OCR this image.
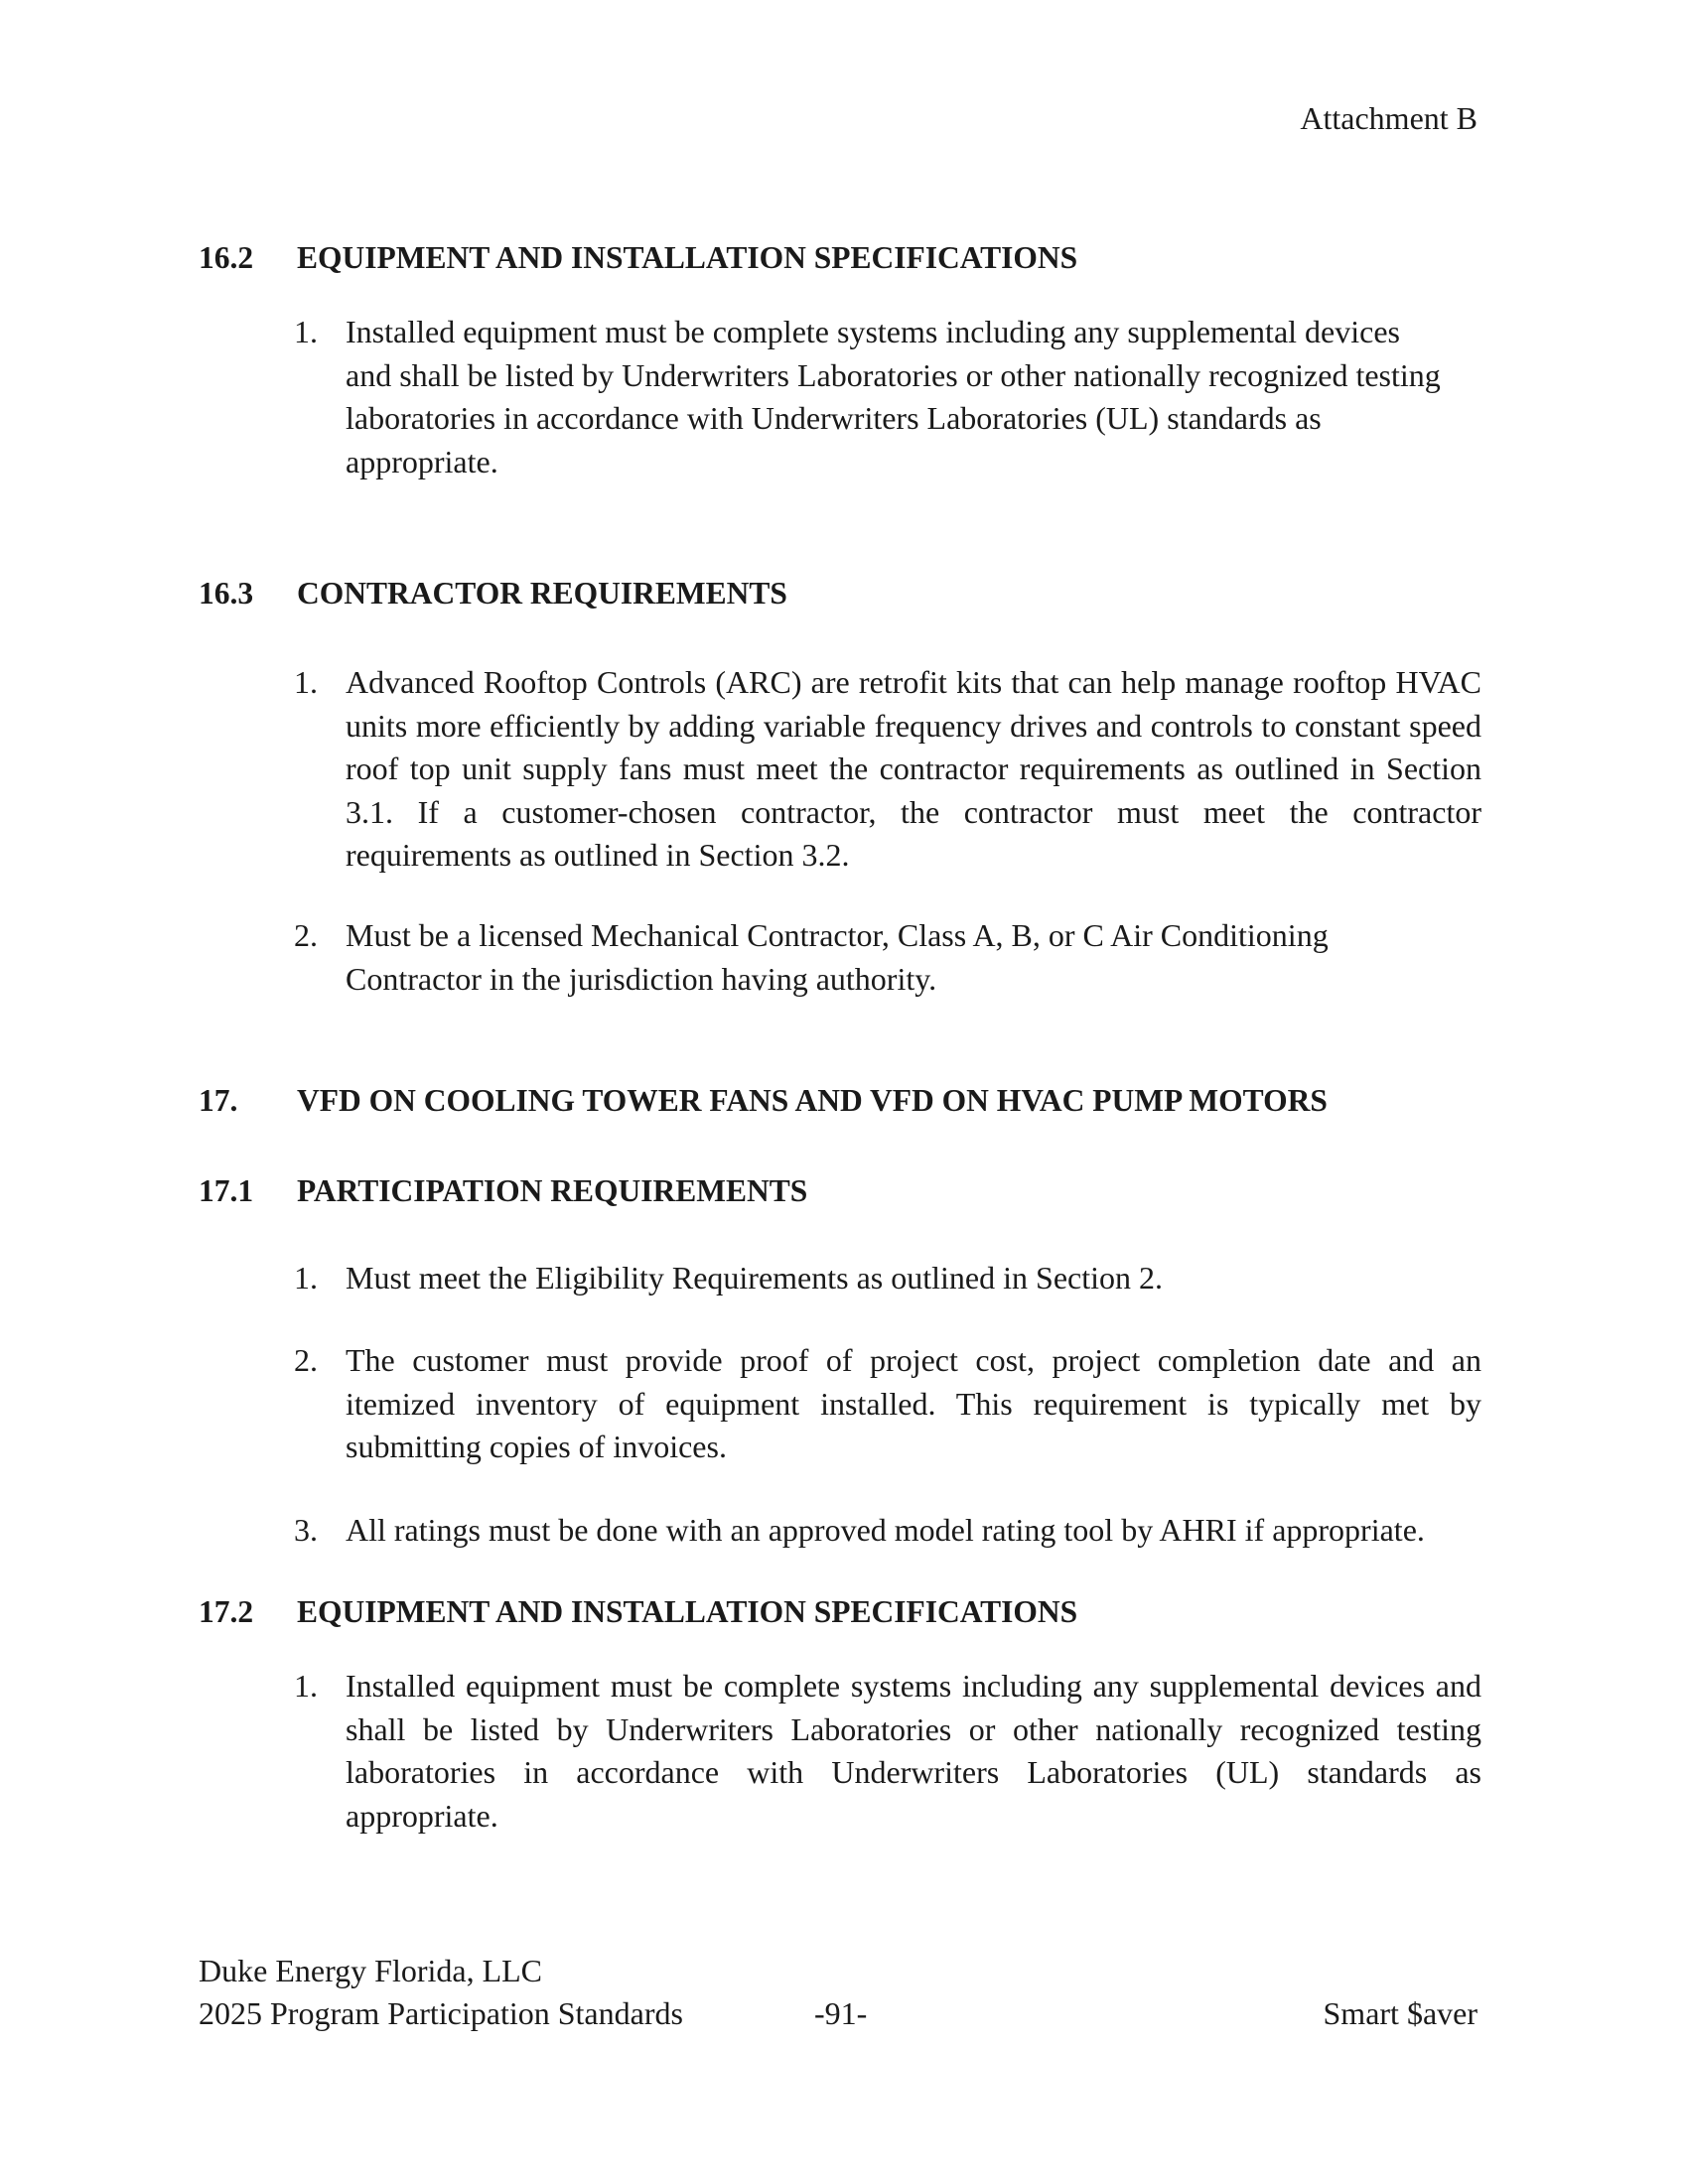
Attachment B
16.2 EQUIPMENT AND INSTALLATION SPECIFICATIONS
1. Installed equipment must be complete systems including any supplemental devices
and shall be listed by Underwriters Laboratories or other nationally recognized testing
laboratories in accordance with Underwriters Laboratories (UL) standards as
appropriate.
16.3 CONTRACTOR REQUIREMENTS
1. Advanced Rooftop Controls (ARC) are retrofit kits that can help manage rooftop HVAC units more efficiently by adding variable frequency drives and controls to constant speed roof top unit supply fans must meet the contractor requirements as outlined in Section 3.1. If a customer-chosen contractor, the contractor must meet the contractor requirements as outlined in Section 3.2.
2. Must be a licensed Mechanical Contractor, Class A, B, or C Air Conditioning
Contractor in the jurisdiction having authority.
17. VFD ON COOLING TOWER FANS AND VFD ON HVAC PUMP MOTORS
17.1 PARTICIPATION REQUIREMENTS
1. Must meet the Eligibility Requirements as outlined in Section 2.
2. The customer must provide proof of project cost, project completion date and an itemized inventory of equipment installed. This requirement is typically met by submitting copies of invoices.
3. All ratings must be done with an approved model rating tool by AHRI if appropriate.
17.2 EQUIPMENT AND INSTALLATION SPECIFICATIONS
1. Installed equipment must be complete systems including any supplemental devices and shall be listed by Underwriters Laboratories or other nationally recognized testing laboratories in accordance with Underwriters Laboratories (UL) standards as appropriate.
Duke Energy Florida, LLC
2025 Program Participation Standards	-91-	Smart $aver
